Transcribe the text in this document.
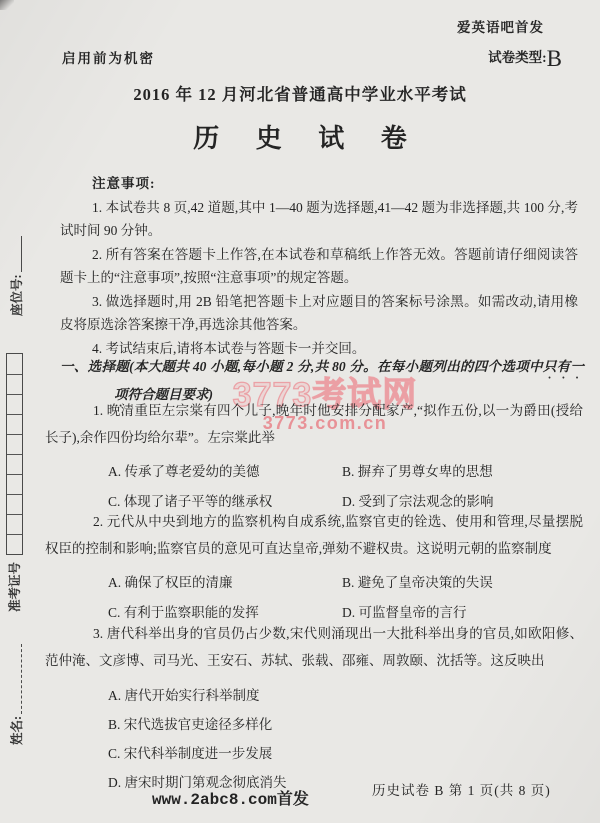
爱英语吧首发
启用前为机密	试卷类型:B
2016 年 12 月河北省普通高中学业水平考试
历 史 试 卷
3773考试网
3773.com.cn
注意事项:

1. 本试卷共 8 页,42 道题,其中 1—40 题为选择题,41—42 题为非选择题,共 100 分,考试时间 90 分钟。

2. 所有答案在答题卡上作答,在本试卷和草稿纸上作答无效。答题前请仔细阅读答题卡上的“注意事项”,按照“注意事项”的规定答题。

3. 做选择题时,用 2B 铅笔把答题卡上对应题目的答案标号涂黑。如需改动,请用橡皮将原选涂答案擦干净,再选涂其他答案。

4. 考试结束后,请将本试卷与答题卡一并交回。

一、选择题(本大题共 40 小题,每小题 2 分,共 80 分。在每小题列出的四个选项中只有一项符合题目要求)

1. 晚清重臣左宗棠有四个儿子,晚年时他安排分配家产,“拟作五份,以一为爵田(授给长子),余作四份均给尔辈”。左宗棠此举

A. 传承了尊老爱幼的美德	B. 摒弃了男尊女卑的思想
C. 体现了诸子平等的继承权	D. 受到了宗法观念的影响

2. 元代从中央到地方的监察机构自成系统,监察官吏的铨选、使用和管理,尽量摆脱权臣的控制和影响;监察官员的意见可直达皇帝,弹劾不避权贵。这说明元朝的监察制度

A. 确保了权臣的清廉	B. 避免了皇帝决策的失误
C. 有利于监察职能的发挥	D. 可监督皇帝的言行

3. 唐代科举出身的官员仍占少数,宋代则涌现出一大批科举出身的官员,如欧阳修、范仲淹、文彦博、司马光、王安石、苏轼、张载、邵雍、周敦颐、沈括等。这反映出

A. 唐代开始实行科举制度
B. 宋代选拔官吏途径多样化
C. 宋代科举制度进一步发展
D. 唐宋时期门第观念彻底消失
www.2abc8.com首发
历史试卷 B 第 1 页(共 8 页)
座位号:
准考证号
姓名:
